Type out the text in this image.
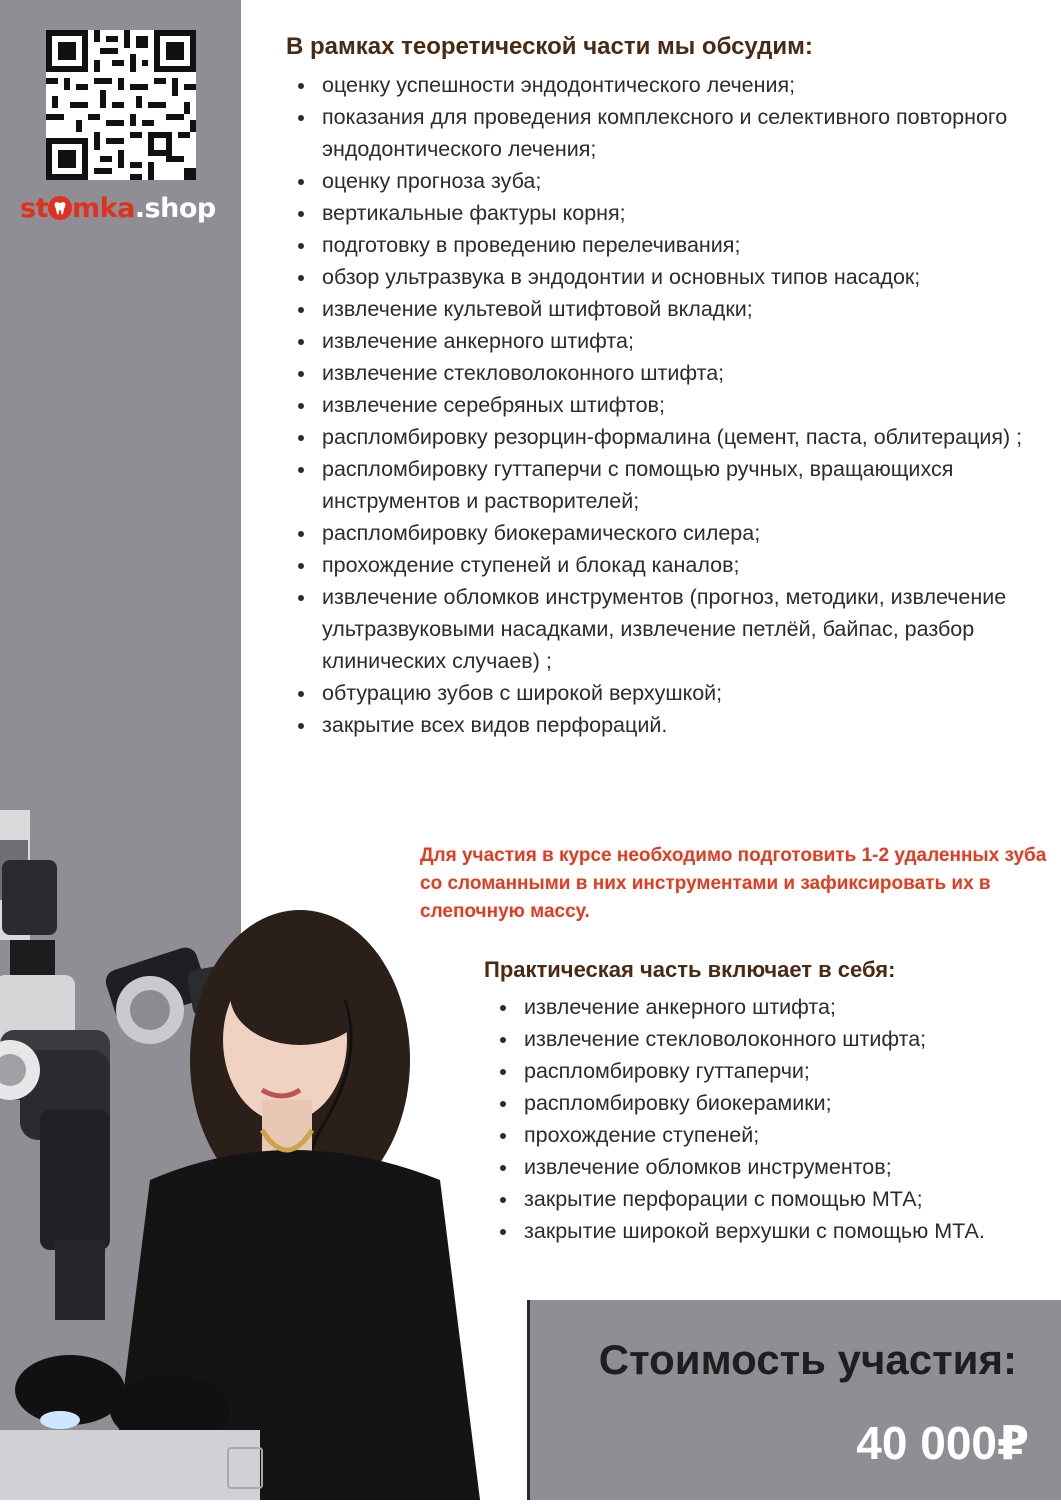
st mka.shop
В рамках теоретической части мы обсудим:
оценку успешности эндодонтического лечения;
показания для проведения комплексного и селективного повторного эндодонтического лечения;
оценку прогноза зуба;
вертикальные фактуры корня;
подготовку в проведению перелечивания;
обзор ультразвука в эндодонтии и основных типов насадок;
извлечение культевой штифтовой вкладки;
извлечение анкерного штифта;
извлечение стекловолоконного штифта;
извлечение серебряных штифтов;
распломбировку резорцин-формалина (цемент, паста, облитерация) ;
распломбировку гуттаперчи с помощью ручных, вращающихся инструментов и растворителей;
распломбировку биокерамического силера;
прохождение ступеней и блокад каналов;
извлечение обломков инструментов (прогноз, методики, извлечение ультразвуковыми насадками, извлечение петлёй, байпас, разбор клинических случаев) ;
обтурацию зубов с широкой верхушкой;
закрытие всех видов перфораций.

Для участия в курсе необходимо подготовить 1-2 удаленных зуба со сломанными в них инструментами и зафиксировать их в слепочную массу.

Практическая часть включает в себя:
извлечение анкерного штифта;
извлечение стекловолоконного штифта;
распломбировку гуттаперчи;
распломбировку биокерамики;
прохождение ступеней;
извлечение обломков инструментов;
закрытие перфорации с помощью МТА;
закрытие широкой верхушки с помощью МТА.

Стоимость участия:

40 000₽
